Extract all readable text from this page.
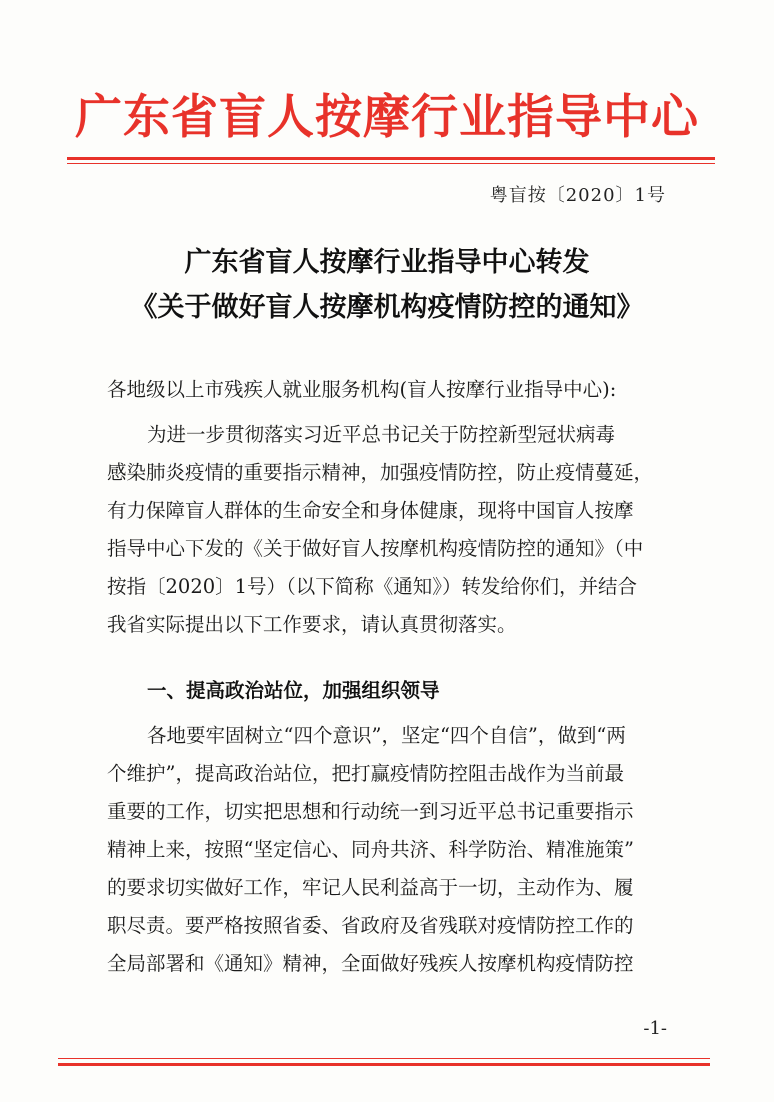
广东省盲人按摩行业指导中心
粤盲按〔2020〕1号
广东省盲人按摩行业指导中心转发
《关于做好盲人按摩机构疫情防控的通知》
各地级以上市残疾人就业服务机构(盲人按摩行业指导中心):
为进一步贯彻落实习近平总书记关于防控新型冠状病毒
感染肺炎疫情的重要指示精神，加强疫情防控，防止疫情蔓延，
有力保障盲人群体的生命安全和身体健康，现将中国盲人按摩
指导中心下发的《关于做好盲人按摩机构疫情防控的通知》（中
按指〔2020〕1号）（以下简称《通知》）转发给你们，并结合
我省实际提出以下工作要求，请认真贯彻落实。
一、提高政治站位，加强组织领导
各地要牢固树立“四个意识”，坚定“四个自信”，做到“两
个维护”，提高政治站位，把打赢疫情防控阻击战作为当前最
重要的工作，切实把思想和行动统一到习近平总书记重要指示
精神上来，按照“坚定信心、同舟共济、科学防治、精准施策”
的要求切实做好工作，牢记人民利益高于一切，主动作为、履
职尽责。要严格按照省委、省政府及省残联对疫情防控工作的
全局部署和《通知》精神，全面做好残疾人按摩机构疫情防控
-1-
